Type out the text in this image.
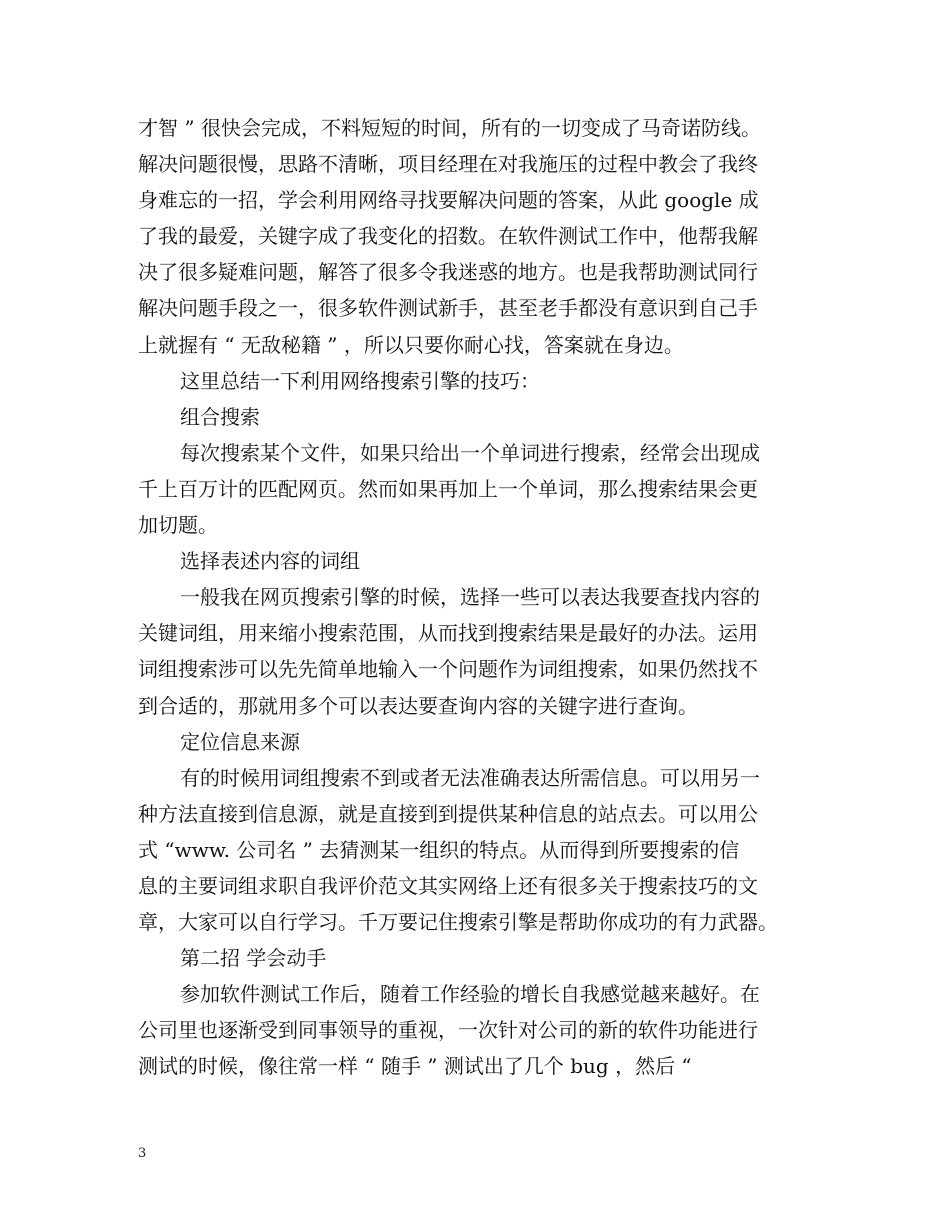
才智 ” 很快会完成，不料短短的时间，所有的一切变成了马奇诺防线。
解决问题很慢，思路不清晰，项目经理在对我施压的过程中教会了我终
身难忘的一招，学会利用网络寻找要解决问题的答案，从此 google 成
了我的最爱，关键字成了我变化的招数。在软件测试工作中，他帮我解
决了很多疑难问题，解答了很多令我迷惑的地方。也是我帮助测试同行
解决问题手段之一，很多软件测试新手，甚至老手都没有意识到自己手
上就握有 “ 无敌秘籍 ” ，所以只要你耐心找，答案就在身边。
这里总结一下利用网络搜索引擎的技巧：
组合搜索
每次搜索某个文件，如果只给出一个单词进行搜索，经常会出现成
千上百万计的匹配网页。然而如果再加上一个单词，那么搜索结果会更
加切题。
选择表述内容的词组
一般我在网页搜索引擎的时候，选择一些可以表达我要查找内容的
关键词组，用来缩小搜索范围，从而找到搜索结果是最好的办法。运用
词组搜索涉可以先先简单地输入一个问题作为词组搜索，如果仍然找不
到合适的，那就用多个可以表达要查询内容的关键字进行查询。
定位信息来源
有的时候用词组搜索不到或者无法准确表达所需信息。可以用另一
种方法直接到信息源，就是直接到到提供某种信息的站点去。可以用公
式 “www. 公司名 ” 去猜测某一组织的特点。从而得到所要搜索的信
息的主要词组求职自我评价范文其实网络上还有很多关于搜索技巧的文
章，大家可以自行学习。千万要记住搜索引擎是帮助你成功的有力武器。
第二招 学会动手
参加软件测试工作后，随着工作经验的增长自我感觉越来越好。在
公司里也逐渐受到同事领导的重视，一次针对公司的新的软件功能进行
测试的时候，像往常一样 “ 随手 ” 测试出了几个 bug ，然后 “
3
